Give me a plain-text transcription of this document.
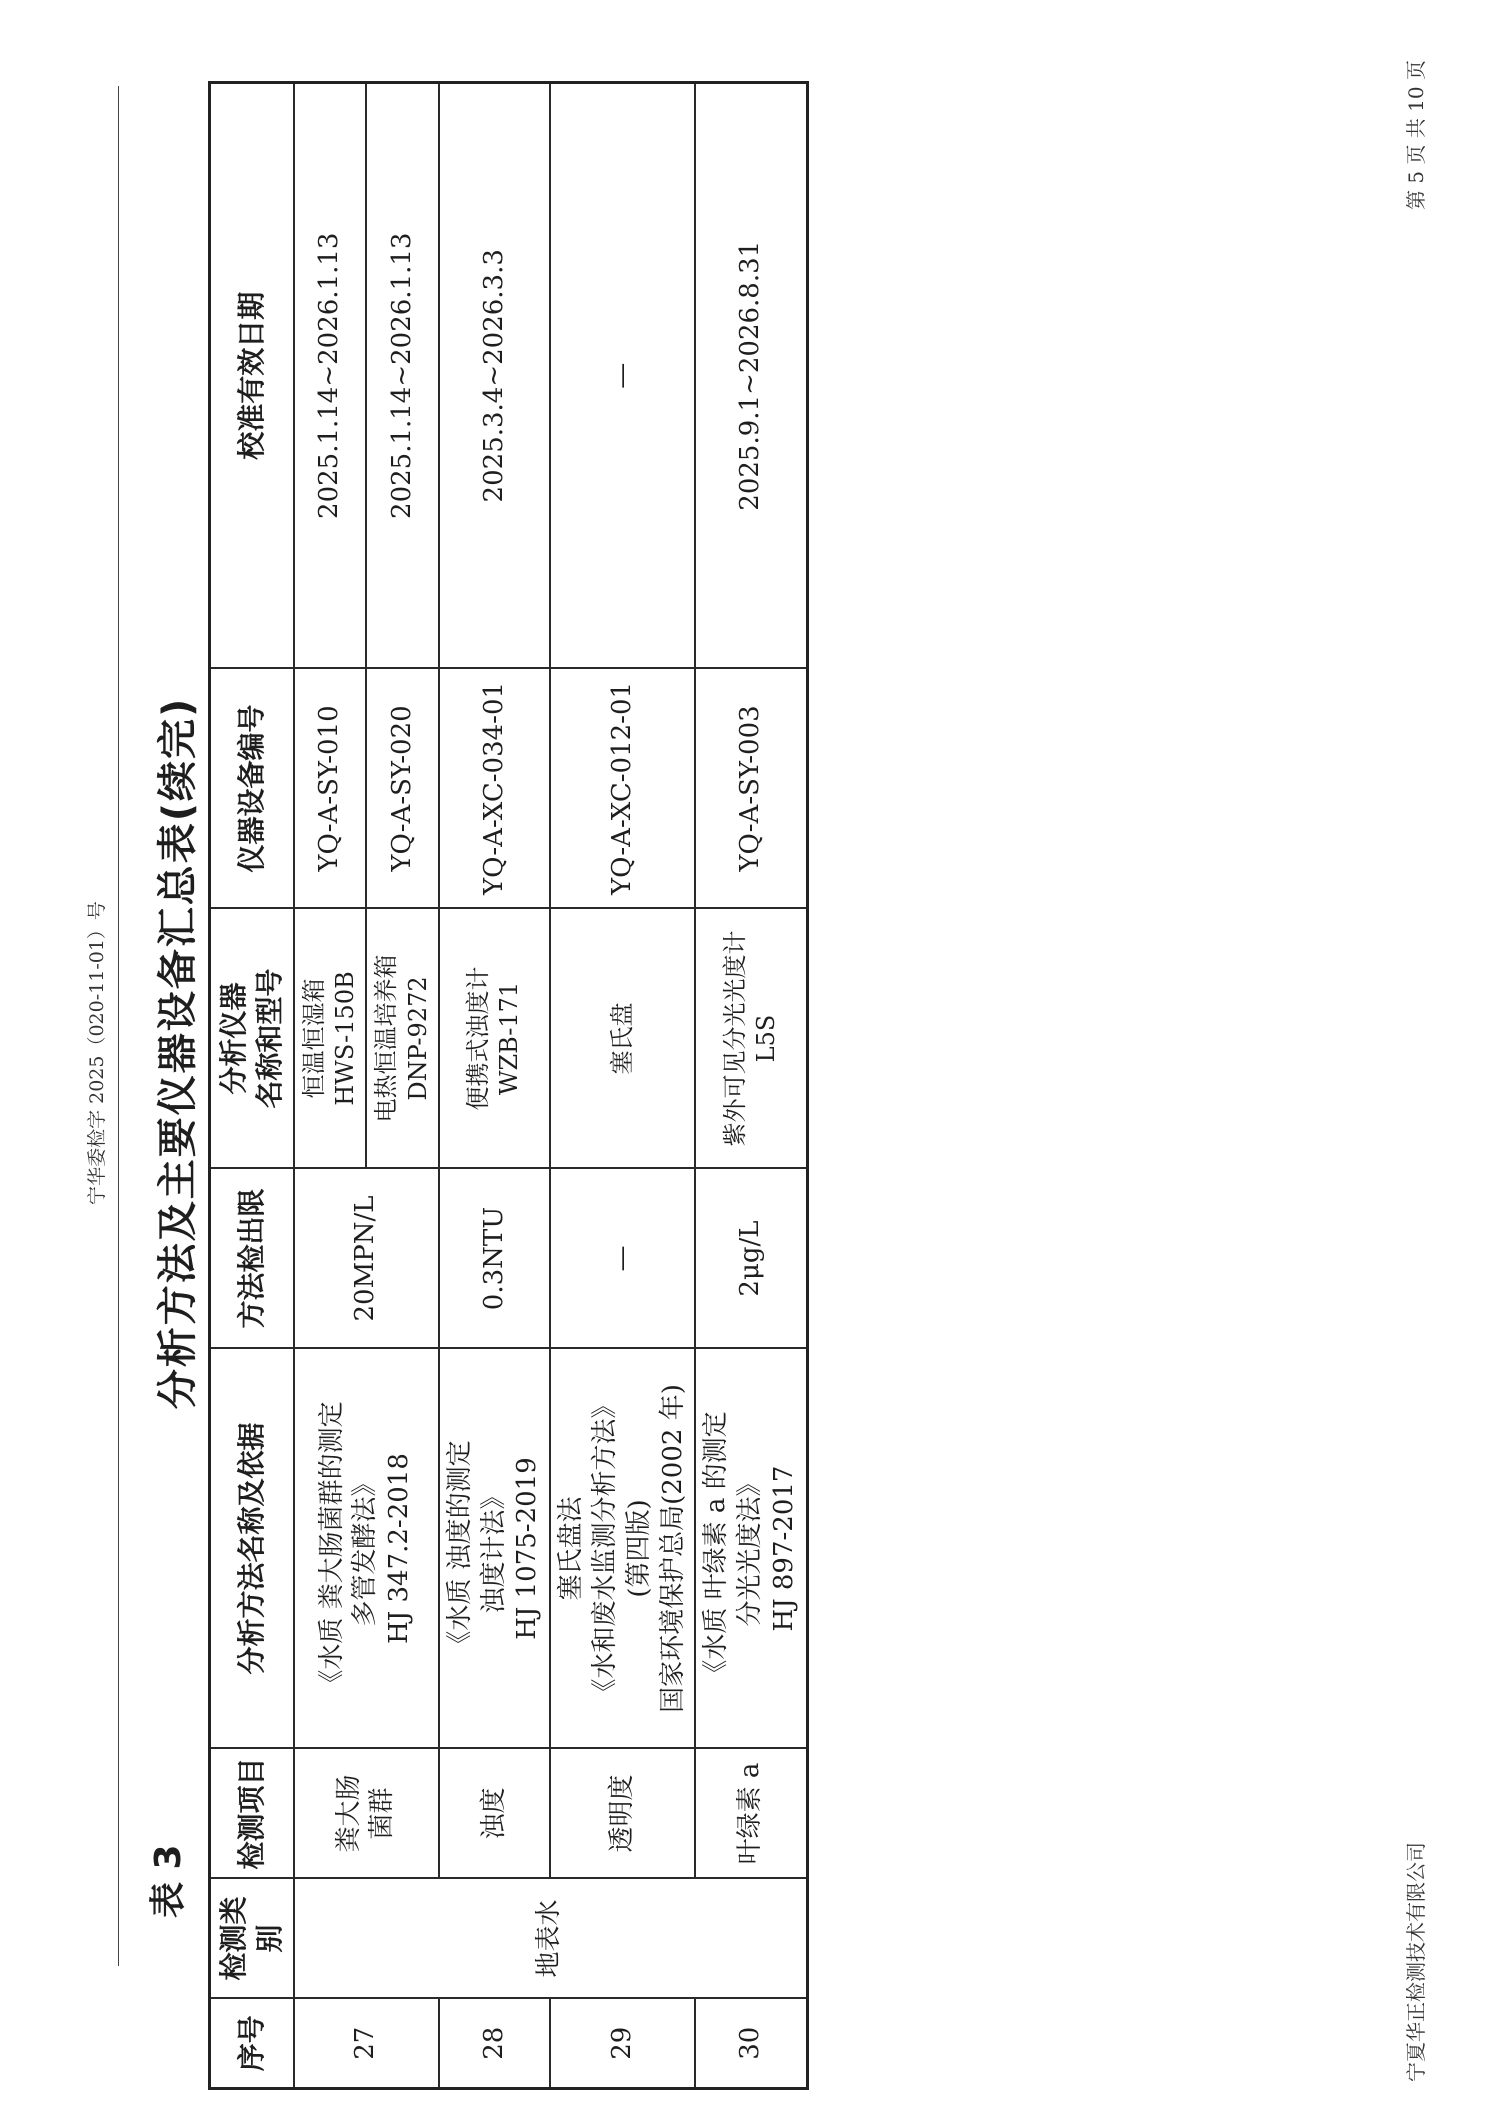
宁华委检字 2025（020-11-01）号
表 3
分析方法及主要仪器设备汇总表(续完)
序号	检测类别	检测项目	分析方法名称及依据	方法检出限	分析仪器
名称和型号	仪器设备编号	校准有效日期
27	地表水	粪大肠
菌群	《水质 粪大肠菌群的测定
多管发酵法》
HJ 347.2-2018	20MPN/L	恒温恒湿箱
HWS-150B	YQ-A-SY-010	2025.1.14~2026.1.13
					电热恒温培养箱
DNP-9272	YQ-A-SY-020	2025.1.14~2026.1.13
28		浊度	《水质 浊度的测定
浊度计法》
HJ 1075-2019	0.3NTU	便携式浊度计
WZB-171	YQ-A-XC-034-01	2025.3.4~2026.3.3
29		透明度	塞氏盘法
《水和废水监测分析方法》
(第四版)
国家环境保护总局(2002 年)	—	塞氏盘	YQ-A-XC-012-01	—
30		叶绿素 a	《水质 叶绿素 a 的测定
分光光度法》
HJ 897-2017	2μg/L	紫外可见分光光度计
L5S	YQ-A-SY-003	2025.9.1~2026.8.31
宁夏华正检测技术有限公司
第 5 页 共 10 页
